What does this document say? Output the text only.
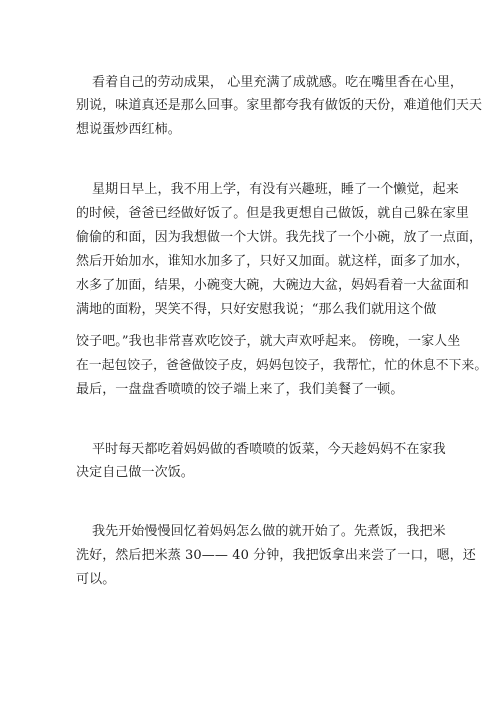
看着自己的劳动成果， 心里充满了成就感。吃在嘴里香在心里，
别说，味道真还是那么回事。家里都夸我有做饭的天份，难道他们天天
想说蛋炒西红柿。
星期日早上，我不用上学，有没有兴趣班，睡了一个懒觉，起来
的时候，爸爸已经做好饭了。但是我更想自己做饭，就自己躲在家里
偷偷的和面，因为我想做一个大饼。我先找了一个小碗，放了一点面，
然后开始加水，谁知水加多了，只好又加面。就这样，面多了加水，
水多了加面，结果，小碗变大碗，大碗边大盆，妈妈看着一大盆面和
满地的面粉，哭笑不得，只好安慰我说；“那么我们就用这个做
饺子吧。”我也非常喜欢吃饺子，就大声欢呼起来。 傍晚，一家人坐
在一起包饺子，爸爸做饺子皮，妈妈包饺子，我帮忙，忙的休息不下来。
最后，一盘盘香喷喷的饺子端上来了，我们美餐了一顿。
平时每天都吃着妈妈做的香喷喷的饭菜，今天趁妈妈不在家我
决定自己做一次饭。
我先开始慢慢回忆着妈妈怎么做的就开始了。先煮饭，我把米
洗好，然后把米蒸 30—— 40 分钟，我把饭拿出来尝了一口，嗯，还
可以。
